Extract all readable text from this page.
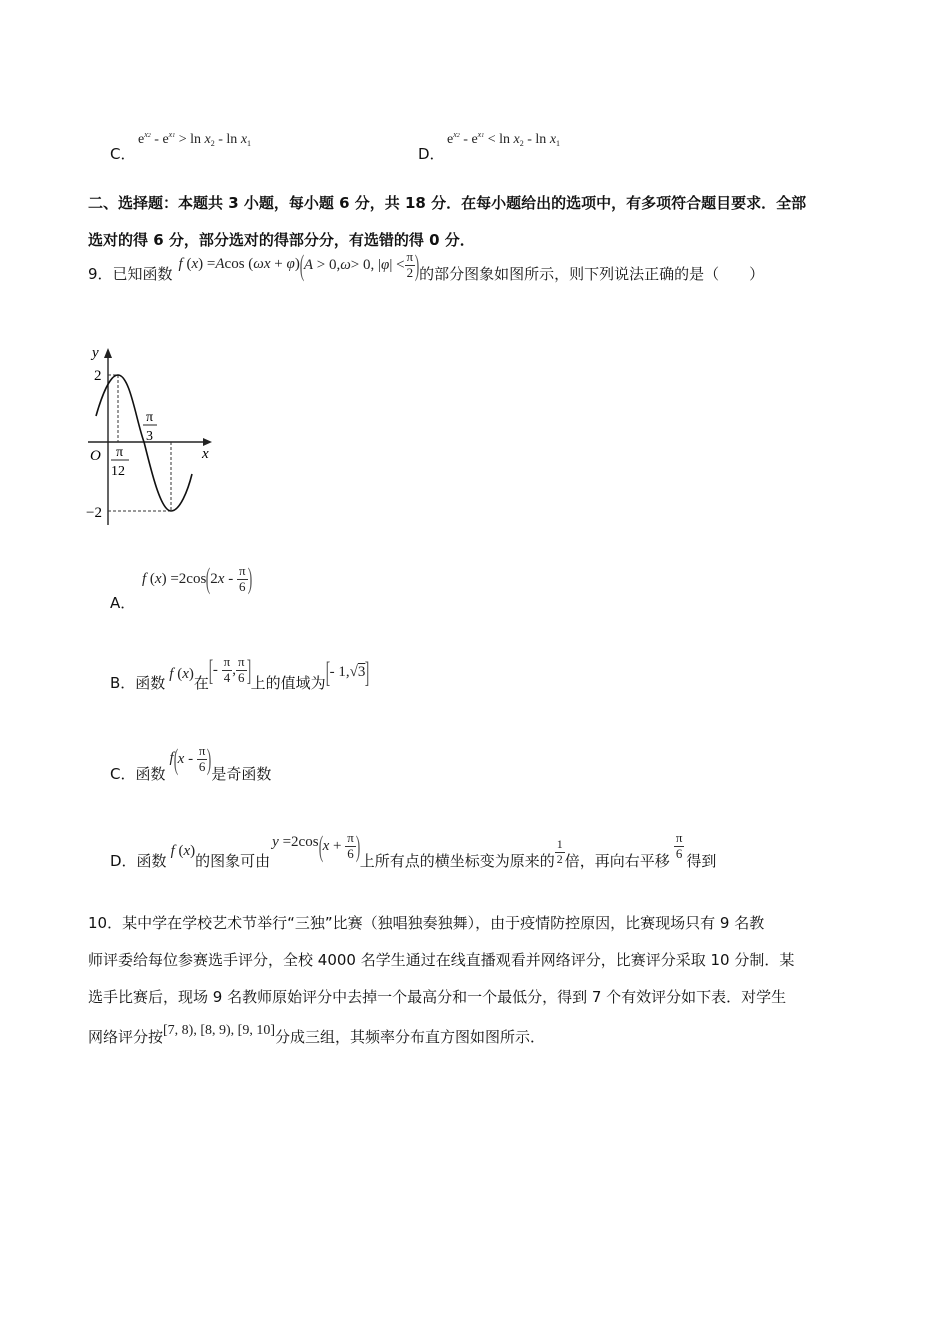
C．
$e^{x2} - e^{x1} > \ln x_2 - \ln x_1$
D．
$e^{x2} - e^{x1} < \ln x_2 - \ln x_1$
二、选择题：本题共 3 小题，每小题 6 分，共 18 分．在每小题给出的选项中，有多项符合题目要求．全部
选对的得 6 分，部分选对的得部分分，有选错的得 0 分．
9．已知函数
f (x) =Acos (ωx + φ) ( A > 0, ω > 0, | φ | < $\frac{\pi}{2}$ ) 的部分图象如图所示，则下列说法正确的是（　　）
y
x
O
2
−2
π
12
π
3
A．
f (x) =2cos ( $2x - \frac{\pi}{6}$ )
B．函数 f (x) 在 [ - $\frac{\pi}{4}$ , $\frac{\pi}{6}$ ] 上的值域为 [ - 1,√3 ]
C．函数
f ( x - $\frac{\pi}{6}$ ) 是奇函数
D．函数
f (x)
的图象可由
y =2cos ( $x + \frac{\pi}{6}$ ) 上所有点的横坐标变为原来的 $\frac{1}{2}$ 倍，再向右平移 $\frac{\pi}{6}$ 得到
10．某中学在学校艺术节举行“三独”比赛（独唱独奏独舞），由于疫情防控原因，比赛现场只有 9 名教
师评委给每位参赛选手评分，全校 4000 名学生通过在线直播观看并网络评分，比赛评分采取 10 分制．某
选手比赛后，现场 9 名教师原始评分中去掉一个最高分和一个最低分，得到 7 个有效评分如下表．对学生
网络评分按 [7, 8), [8, 9), [9, 10] 分成三组，其频率分布直方图如图所示．
